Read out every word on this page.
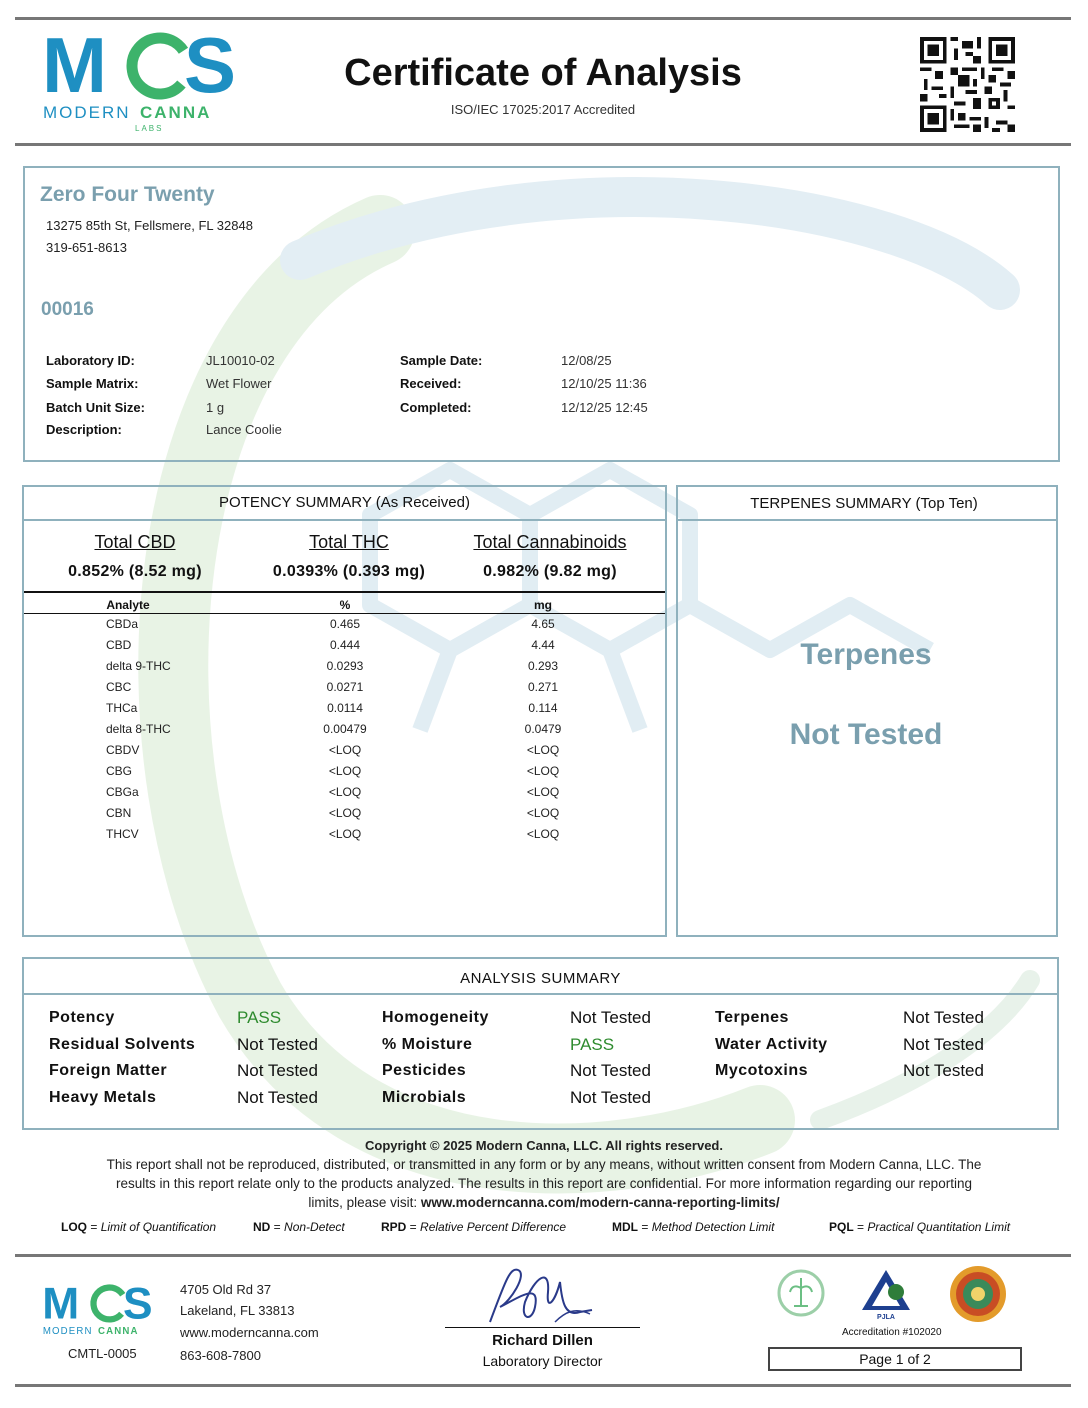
M S
MODERN CANNA
LABS
Certificate of Analysis
ISO/IEC 17025:2017 Accredited
Zero Four Twenty
13275 85th St, Fellsmere, FL 32848
319-651-8613
00016
Laboratory ID:	JL10010-02
Sample Matrix:	Wet Flower
Batch Unit Size:	1 g
Description:	Lance Coolie
Sample Date:	12/08/25
Received:	12/10/25 11:36
Completed:	12/12/25 12:45
POTENCY SUMMARY (As Received)
Total CBD
0.852% (8.52 mg)
Total THC
0.0393% (0.393 mg)
Total Cannabinoids
0.982% (9.82 mg)
Analyte	%	mg
CBDa	0.465	4.65
CBD	0.444	4.44
delta 9-THC	0.0293	0.293
CBC	0.0271	0.271
THCa	0.0114	0.114
delta 8-THC	0.00479	0.0479
CBDV	<LOQ	<LOQ
CBG	<LOQ	<LOQ
CBGa	<LOQ	<LOQ
CBN	<LOQ	<LOQ
THCV	<LOQ	<LOQ
TERPENES SUMMARY (Top Ten)
Terpenes
Not Tested
ANALYSIS SUMMARY
Potency	PASS
Residual Solvents Not Tested
Foreign Matter	Not Tested
Heavy Metals	Not Tested
Homogeneity	Not Tested
% Moisture	PASS
Pesticides	Not Tested
Microbials	Not Tested
Terpenes	Not Tested
Water Activity	Not Tested
Mycotoxins	Not Tested
Copyright © 2025 Modern Canna, LLC. All rights reserved.
This report shall not be reproduced, distributed, or transmitted in any form or by any means, without written consent from Modern Canna, LLC. The
results in this report relate only to the products analyzed. The results in this report are confidential. For more information regarding our reporting
limits, please visit: www.moderncanna.com/modern-canna-reporting-limits/
LOQ = Limit of Quantification	ND = Non-Detect	RPD = Relative Percent Difference	MDL = Method Detection Limit	PQL = Practical Quantitation Limit
M S
MODERN CANNA
CMTL-0005
4705 Old Rd 37
Lakeland, FL 33813
www.moderncanna.com
863-608-7800
Richard Dillen
Laboratory Director
PJLA
Accreditation #102020
Page 1 of 2
